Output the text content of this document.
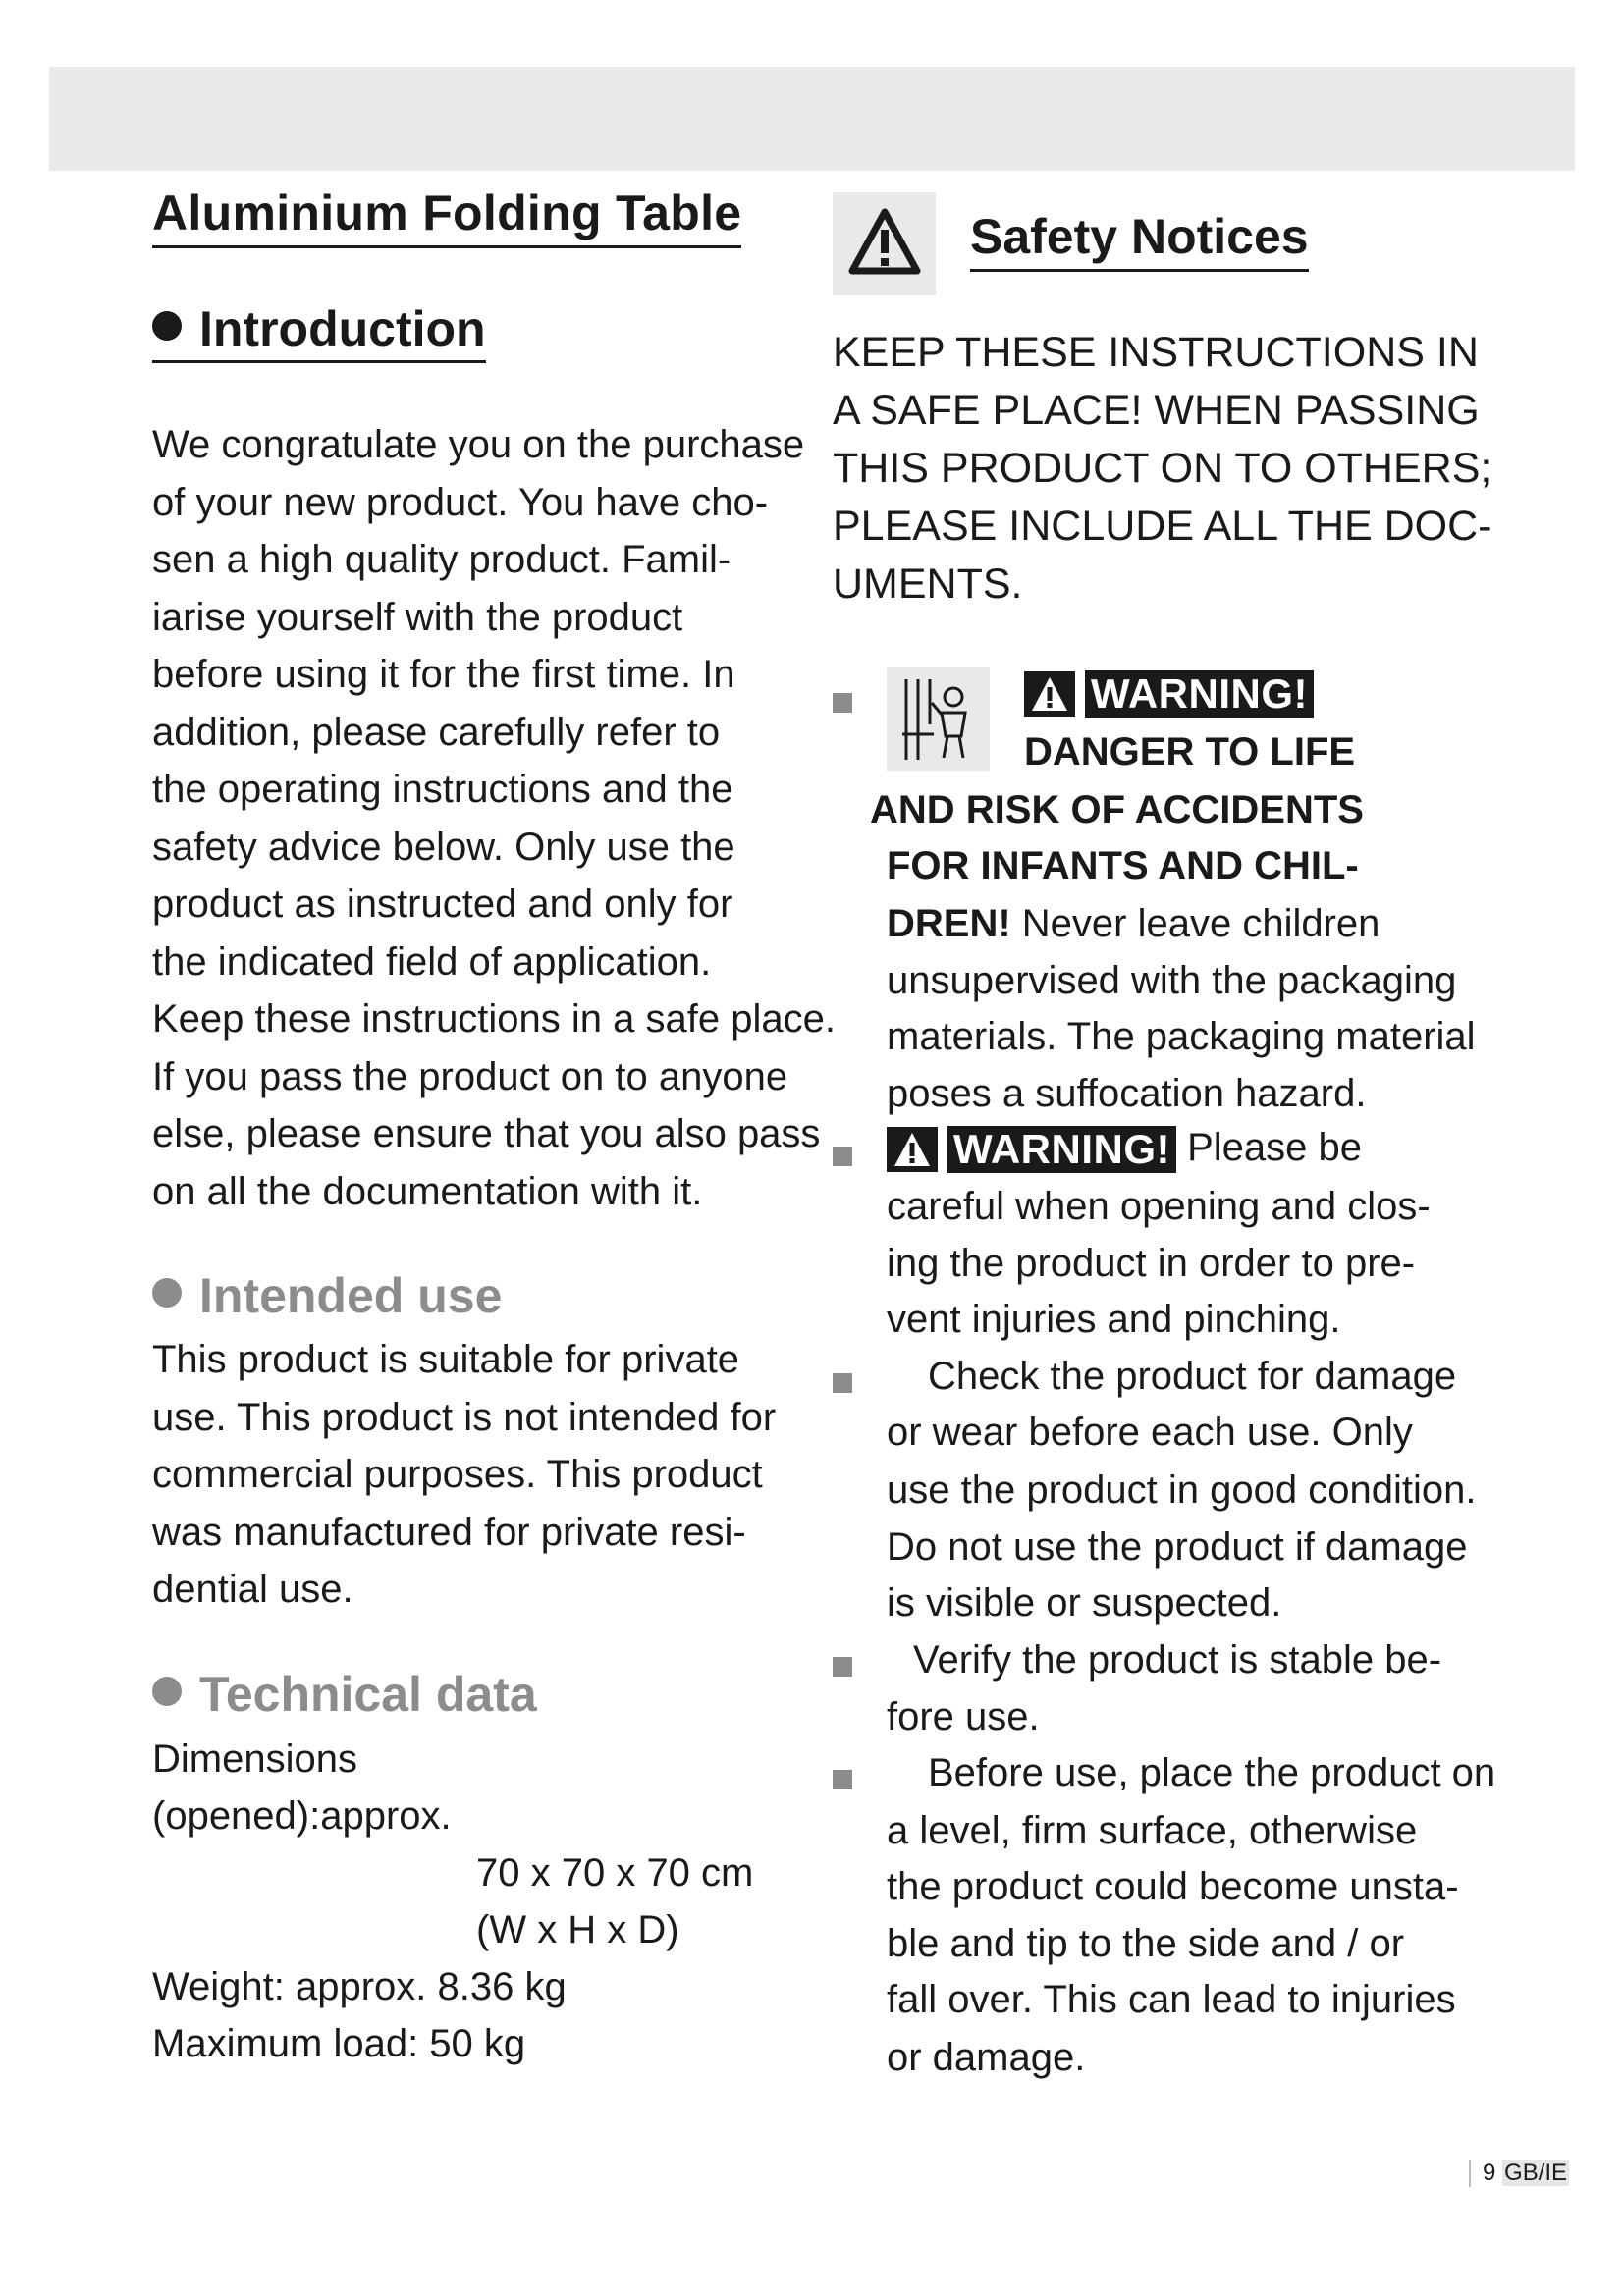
Aluminium Folding Table
Introduction
We congratulate you on the purchase
of your new product. You have cho-
sen a high quality product. Famil-
iarise yourself with the product
before using it for the first time. In
addition, please carefully refer to
the operating instructions and the
safety advice below. Only use the
product as instructed and only for
the indicated field of application.
Keep these instructions in a safe place.
If you pass the product on to anyone
else, please ensure that you also pass
on all the documentation with it.
Intended use
This product is suitable for private
use. This product is not intended for
commercial purposes. This product
was manufactured for private resi-
dential use.
Technical data
Dimensions
(opened):approx.
70 x 70 x 70 cm
(W x H x D)
Weight: approx. 8.36 kg
Maximum load: 50 kg
Safety Notices
KEEP THESE INSTRUCTIONS IN
A SAFE PLACE! WHEN PASSING
THIS PRODUCT ON TO OTHERS;
PLEASE INCLUDE ALL THE DOC-
UMENTS.
WARNING!
DANGER TO LIFE
AND RISK OF ACCIDENTS
FOR INFANTS AND CHIL-
DREN! Never leave children
unsupervised with the packaging
materials. The packaging material
poses a suffocation hazard.
WARNING! Please be
careful when opening and clos-
ing the product in order to pre-
vent injuries and pinching.
Check the product for damage
or wear before each use. Only
use the product in good condition.
Do not use the product if damage
is visible or suspected.
Verify the product is stable be-
fore use.
Before use, place the product on
a level, firm surface, otherwise
the product could become unsta-
ble and tip to the side and / or
fall over. This can lead to injuries
or damage.
9 GB/IE
